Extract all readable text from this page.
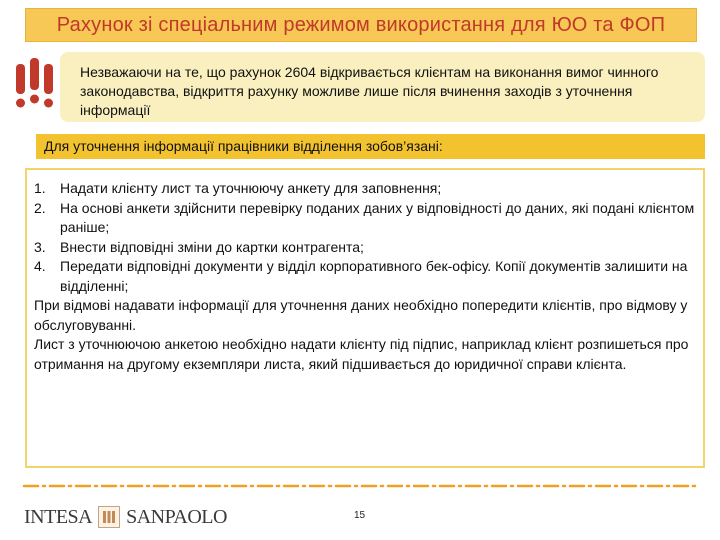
Рахунок зі спеціальним режимом використання для ЮО та ФОП
Незважаючи на те, що рахунок 2604 відкривається клієнтам на виконання вимог чинного законодавства, відкриття рахунку можливе лише після вчинення заходів з уточнення інформації
Для уточнення інформації працівники відділення зобов’язані:
1. Надати клієнту лист та уточнюючу анкету для заповнення;
2. На основі анкети здійснити перевірку поданих даних у відповідності до даних, які подані клієнтом раніше;
3. Внести відповідні зміни до картки контрагента;
4. Передати відповідні документи у відділ корпоративного бек-офісу. Копії документів залишити на відділенні;

При відмові надавати інформації для уточнення даних необхідно попередити клієнтів, про відмову у обслуговуванні.

Лист з уточнюючою анкетою необхідно надати клієнту під підпис, наприклад клієнт розпишеться про отримання на другому екземпляри листа, який підшивається до юридичної справи клієнта.

INTESA SANPAOLO	15
